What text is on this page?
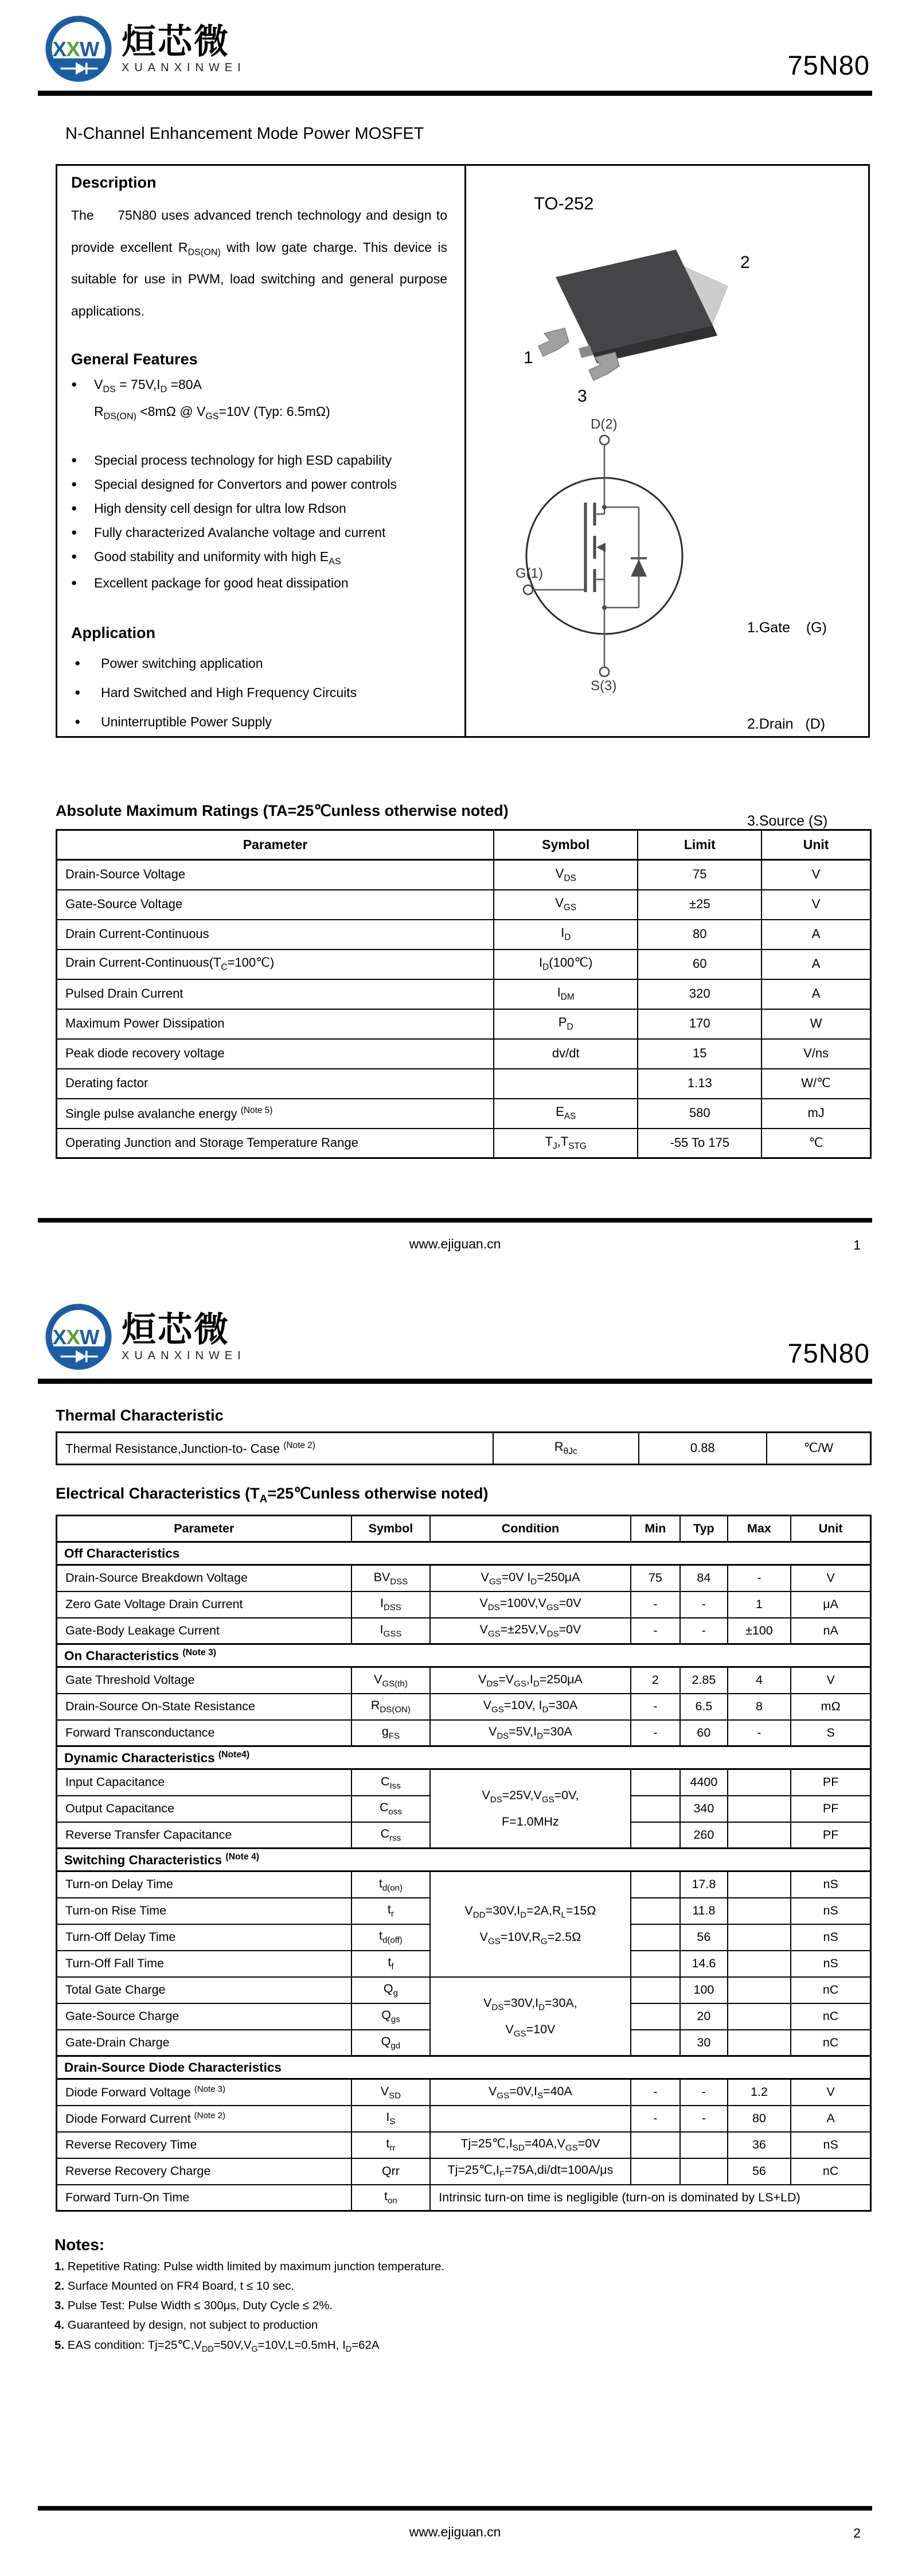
X X W 烜芯微
XUANXINWEI	75N80
N-Channel Enhancement Mode Power MOSFET
Description
The     75N80 uses advanced trench technology and design to provide excellent $R_{DS(ON)}$ with low gate charge. This device is suitable for use in PWM, load switching and general purpose applications.
General Features
●	$V_{DS} = 75V,I_D =80A$
$R_{DS(ON)} <8m\Omega$ @ $V_{GS}=10V$ (Typ: 6.5mΩ)
●	Special process technology for high ESD capability
●	Special designed for Convertors and power controls
●	High density cell design for ultra low Rdson
●	Fully characterized Avalanche voltage and current
●	Good stability and uniformity with high $E_{AS}$
●	Excellent package for good heat dissipation
Application
●	Power switching application
●	Hard Switched and High Frequency Circuits
●	Uninterruptible Power Supply
TO-252
2
1
3
D(2)
G(1)
S(3)

1.Gate    (G)

2.Drain   (D)

3.Source (S)

Absolute Maximum Ratings (TA=25℃unless otherwise noted)
Parameter	Symbol	Limit	Unit
Drain-Source Voltage	$V_{DS}$	75	V
Gate-Source Voltage	$V_{GS}$	±25	V
Drain Current-Continuous	$I_D$	80	A
Drain Current-$Continuous(T_C=100℃)$	$I_D(100℃)$	60	A
Pulsed Drain Current	$I_{DM}$	320	A
Maximum Power Dissipation	$P_D$	170	W
Peak diode recovery voltage	dv/dt	15	V/ns
Derating factor		1.13	W/℃
Single pulse avalanche energy $^{(Note 5)}$	$E_{AS}$	580	mJ
Operating Junction and Storage Temperature Range	$T_J,T_{STG}$	-55 To 175	℃
www.ejiguan.cn	1
X X W 烜芯微
XUANXINWEI	75N80
Thermal Characteristic
Thermal Resistance,Junction-to- Case $^{(Note 2)}$	$R_{\theta Jc}$	0.88	℃/W
Electrical Characteristics ($T_A=25℃unless$ otherwise noted)
Parameter	Symbol	Condition	Min	Typ	Max	Unit
Off Characteristics						
Drain-Source Breakdown Voltage	$BV_{DSS}$	$V_{GS}=0V$ $I_D=250\mu A$	75	84	-	V
Zero Gate Voltage Drain Current	$I_{DSS}$	$V_{DS}=100V,V_{GS}=0V$	-	-	1	μA
Gate-Body Leakage Current	$I_{GSS}$	$V_{GS}=\pm 25V,V_{DS}=0V$	-	-	±100	nA
On Characteristics $^{(Note 3)}$
Gate Threshold Voltage	$V_{GS(th)}$	$V_{DS}=V_{GS},I_D=250\mu A$	2	2.85	4	V
Drain-Source On-State Resistance	$R_{DS(ON)}$	$V_{GS}=10V$, $I_D=30A$	-	6.5	8	mΩ
Forward Transconductance	$g_{FS}$	$V_{DS}=5V,I_D=30A$	-	60	-	S
Dynamic Characteristics $^{(Note4)}$
Input Capacitance	$C_{Iss}$	$V_{DS}=25V,V_{GS}=0V$,
F=1.0MHz		4400		PF
Output Capacitance	$C_{oss}$			340		PF
Reverse Transfer Capacitance	$C_{rss}$			260		PF
Switching Characteristics $^{(Note 4)}$
Turn-on Delay Time	$t_{d(on)}$	$V_{DD}=30V,I_D=2A,R_L=15\Omega$
$V_{GS}=10V,R_G=2.5\Omega$		17.8		nS
Turn-on Rise Time	$t_r$			11.8		nS
Turn-Off Delay Time	$t_{d(off)}$			56		nS
Turn-Off Fall Time	$t_f$			14.6		nS
Total Gate Charge	$Q_g$	$V_{DS}=30V,I_D=30A$,
$V_{GS}=10V$		100		nC
Gate-Source Charge	$Q_{gs}$			20		nC
Gate-Drain Charge	$Q_{gd}$			30		nC
Drain-Source Diode Characteristics						
Diode Forward Voltage $^{(Note 3)}$	$V_{SD}$	$V_{GS}=0V,I_S=40A$	-	-	1.2	V
Diode Forward Current $^{(Note 2)}$	$I_S$		-	-	80	A
Reverse Recovery Time	$t_{rr}$	$Tj=25℃,I_{SD}=40A,V_{GS}=0V$			36	nS
Reverse Recovery Charge	Qrr	$Tj=25℃,I_F=75A,di/dt=100A/\mu s$			56	nC
Forward Turn-On Time	$t_{on}$	Intrinsic turn-on time is negligible (turn-on is dominated by LS+LD)				
Notes:
1. Repetitive Rating: Pulse width limited by maximum junction temperature.
2. Surface Mounted on FR4 Board, t ≤ 10 sec.
3. Pulse Test: Pulse Width ≤ 300μs, Duty Cycle ≤ 2%.
4. Guaranteed by design, not subject to production
5. EAS condition: $Tj=25℃,V_{DD}=50V,V_G=10V,L=0.5mH$, $I_D=62A$
www.ejiguan.cn	2
